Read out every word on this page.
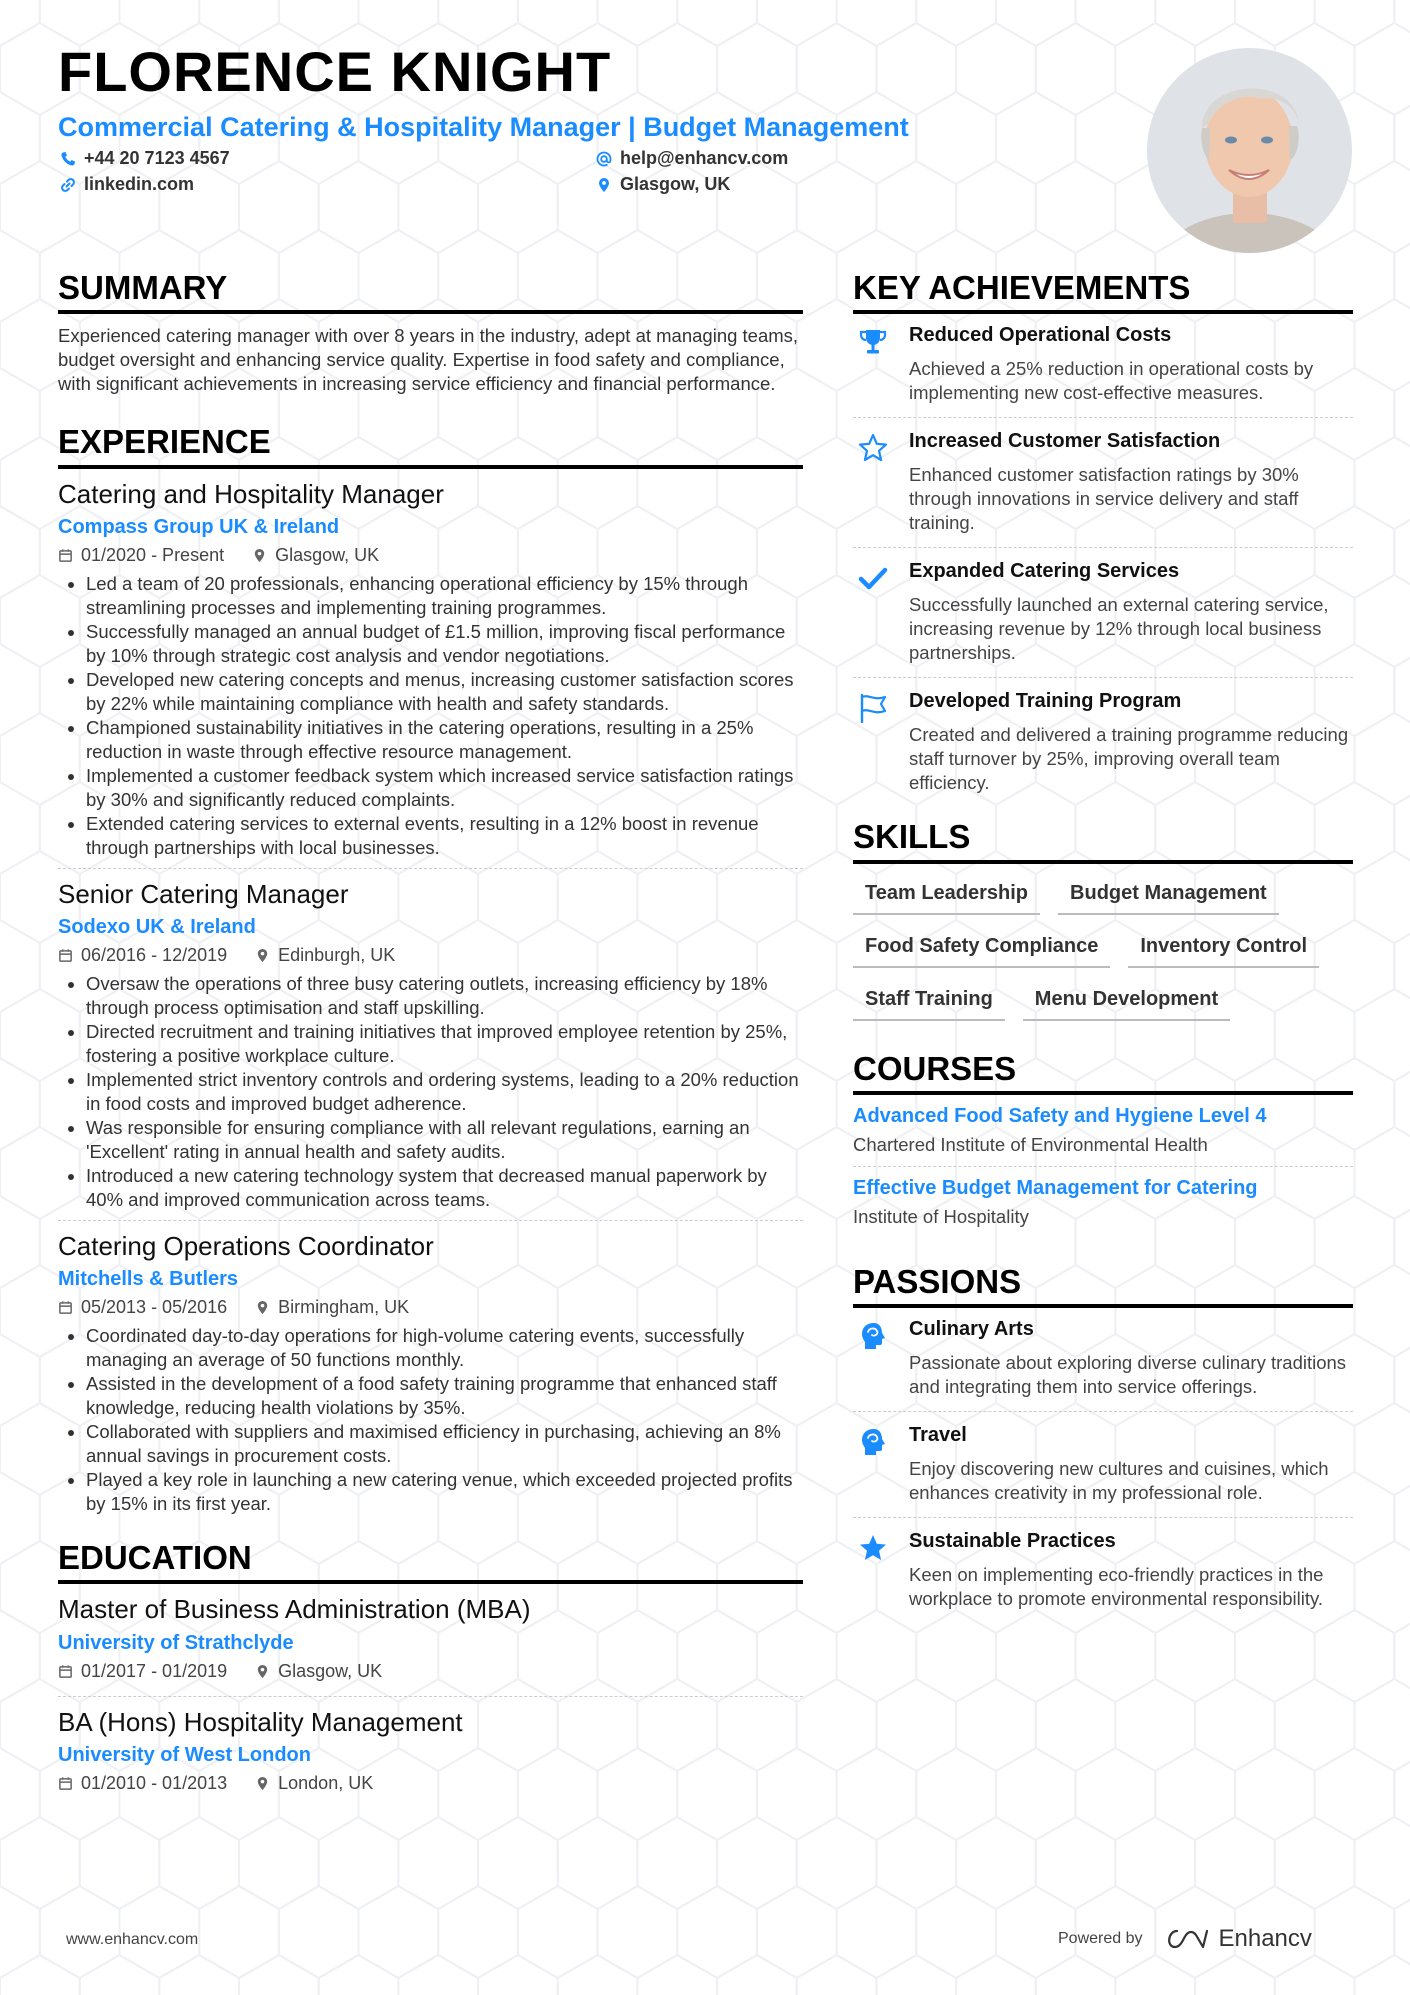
FLORENCE KNIGHT
Commercial Catering & Hospitality Manager | Budget Management
+44 20 7123 4567
linkedin.com
help@enhancv.com
Glasgow, UK
SUMMARY

Experienced catering manager with over 8 years in the industry, adept at managing teams, budget oversight and enhancing service quality. Expertise in food safety and compliance, with significant achievements in increasing service efficiency and financial performance.

EXPERIENCE
Catering and Hospitality Manager
Compass Group UK & Ireland
01/2020 - Present	Glasgow, UK
• Led a team of 20 professionals, enhancing operational efficiency by 15% through streamlining processes and implementing training programmes.
• Successfully managed an annual budget of £1.5 million, improving fiscal performance by 10% through strategic cost analysis and vendor negotiations.
• Developed new catering concepts and menus, increasing customer satisfaction scores by 22% while maintaining compliance with health and safety standards.
• Championed sustainability initiatives in the catering operations, resulting in a 25% reduction in waste through effective resource management.
• Implemented a customer feedback system which increased service satisfaction ratings by 30% and significantly reduced complaints.
• Extended catering services to external events, resulting in a 12% boost in revenue through partnerships with local businesses.
Senior Catering Manager
Sodexo UK & Ireland
06/2016 - 12/2019	Edinburgh, UK
• Oversaw the operations of three busy catering outlets, increasing efficiency by 18% through process optimisation and staff upskilling.
• Directed recruitment and training initiatives that improved employee retention by 25%, fostering a positive workplace culture.
• Implemented strict inventory controls and ordering systems, leading to a 20% reduction in food costs and improved budget adherence.
• Was responsible for ensuring compliance with all relevant regulations, earning an 'Excellent' rating in annual health and safety audits.
• Introduced a new catering technology system that decreased manual paperwork by 40% and improved communication across teams.
Catering Operations Coordinator
Mitchells & Butlers
05/2013 - 05/2016	Birmingham, UK
• Coordinated day-to-day operations for high-volume catering events, successfully managing an average of 50 functions monthly.
• Assisted in the development of a food safety training programme that enhanced staff knowledge, reducing health violations by 35%.
• Collaborated with suppliers and maximised efficiency in purchasing, achieving an 8% annual savings in procurement costs.
• Played a key role in launching a new catering venue, which exceeded projected profits by 15% in its first year.
EDUCATION
Master of Business Administration (MBA)
University of Strathclyde
01/2017 - 01/2019	Glasgow, UK
BA (Hons) Hospitality Management
University of West London
01/2010 - 01/2013	London, UK
KEY ACHIEVEMENTS
Reduced Operational Costs
Achieved a 25% reduction in operational costs by implementing new cost-effective measures.
Increased Customer Satisfaction
Enhanced customer satisfaction ratings by 30% through innovations in service delivery and staff training.
Expanded Catering Services
Successfully launched an external catering service, increasing revenue by 12% through local business partnerships.
Developed Training Program
Created and delivered a training programme reducing staff turnover by 25%, improving overall team efficiency.
SKILLS
Team Leadership	Budget Management
Food Safety Compliance	Inventory Control
Staff Training	Menu Development
COURSES
Advanced Food Safety and Hygiene Level 4
Chartered Institute of Environmental Health
Effective Budget Management for Catering
Institute of Hospitality
PASSIONS
Culinary Arts
Passionate about exploring diverse culinary traditions and integrating them into service offerings.
Travel
Enjoy discovering new cultures and cuisines, which enhances creativity in my professional role.
Sustainable Practices
Keen on implementing eco-friendly practices in the workplace to promote environmental responsibility.
www.enhancv.com	Powered by	Enhancv
